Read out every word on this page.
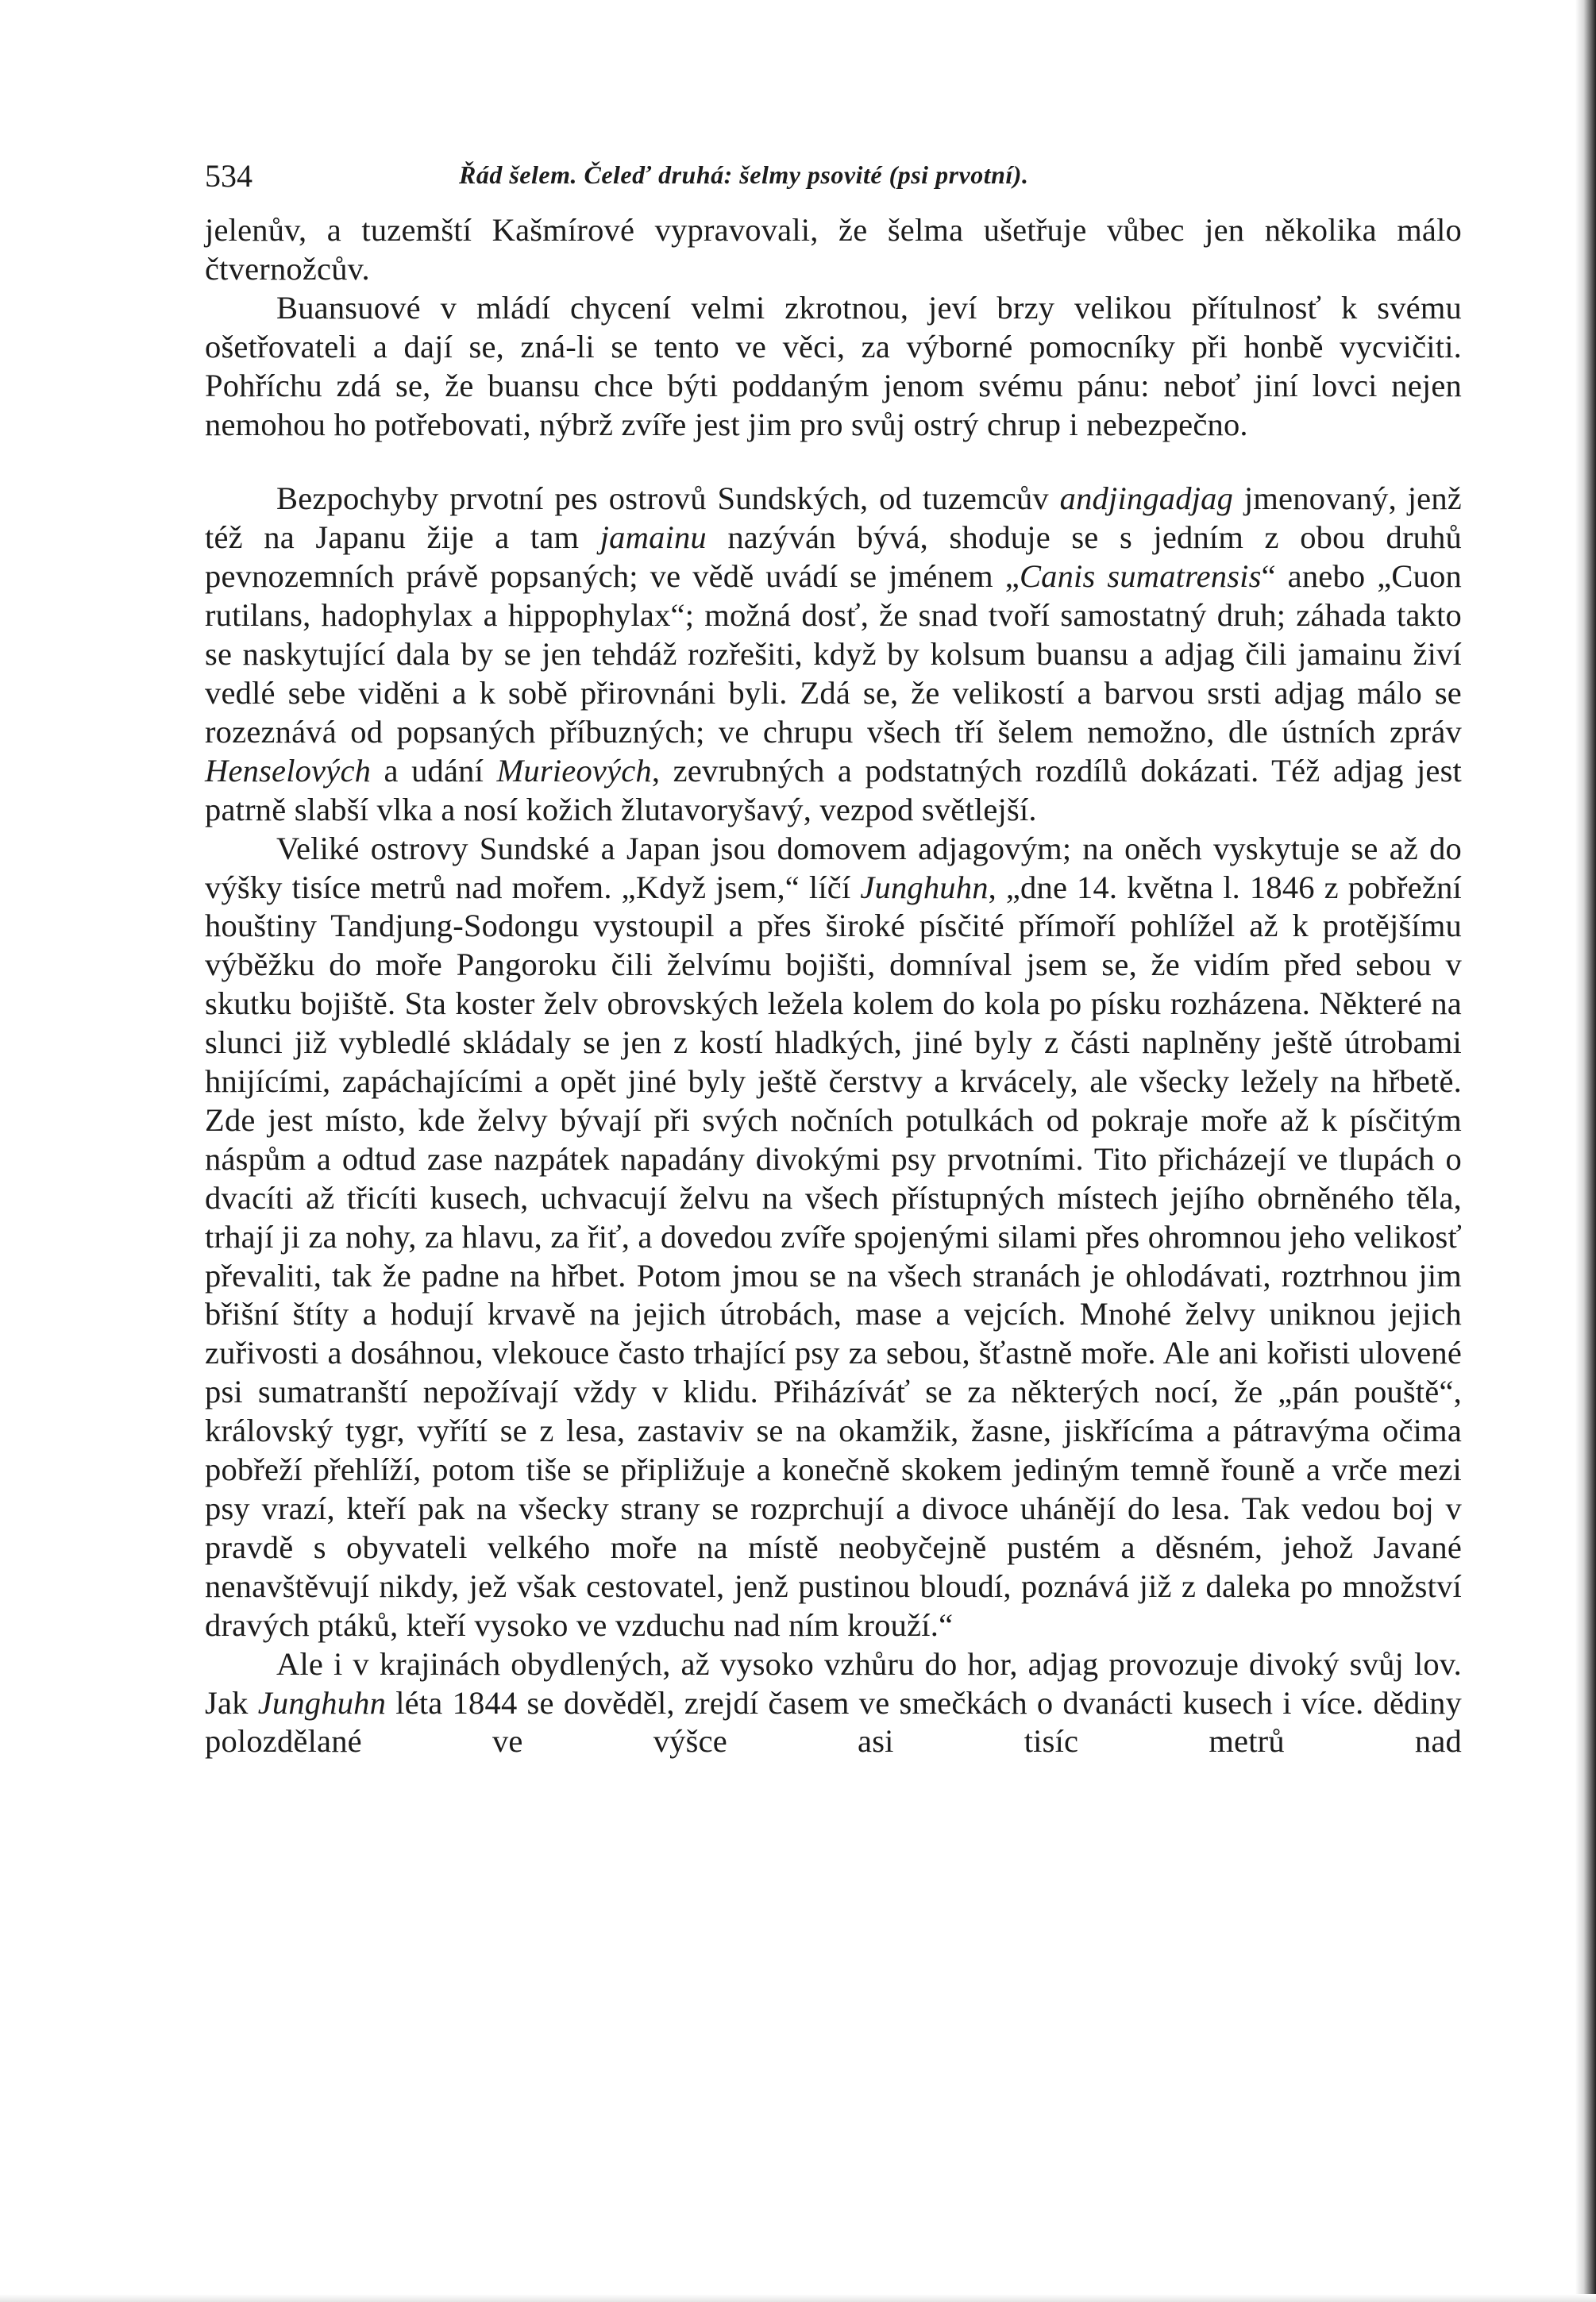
534	Řád šelem. Čeleď druhá: šelmy psovité (psi prvotní).

jelenův, a tuzemští Kašmírové vypravovali, že šelma ušetřuje vůbec jen několika málo čtvernožcův.

Buansuové v mládí chycení velmi zkrotnou, jeví brzy velikou přítulnosť k svému ošetřovateli a dají se, zná-li se tento ve věci, za výborné pomocníky při honbě vycvičiti. Pohříchu zdá se, že buansu chce býti poddaným jenom svému pánu: neboť jiní lovci nejen nemohou ho potřebovati, nýbrž zvíře jest jim pro svůj ostrý chrup i nebezpečno.

Bezpochyby prvotní pes ostrovů Sundských, od tuzemcův andjingadjag jmenovaný, jenž též na Japanu žije a tam jamainu nazýván bývá, shoduje se s jedním z obou druhů pevnozemních právě popsaných; ve vědě uvádí se jménem „Canis sumatrensis“ anebo „Cuon rutilans, hadophylax a hippophylax“; možná dosť, že snad tvoří samostatný druh; záhada takto se naskytující dala by se jen tehdáž rozřešiti, když by kolsum buansu a adjag čili jamainu živí vedlé sebe viděni a k sobě přirovnáni byli. Zdá se, že velikostí a barvou srsti adjag málo se rozeznává od popsaných příbuzných; ve chrupu všech tří šelem nemožno, dle ústních zpráv Henselových a udání Murieových, zevrubných a podstatných rozdílů dokázati. Též adjag jest patrně slabší vlka a nosí kožich žlutavoryšavý, vezpod světlejší.

Veliké ostrovy Sundské a Japan jsou domovem adjagovým; na oněch vyskytuje se až do výšky tisíce metrů nad mořem. „Když jsem,“ líčí Junghuhn, „dne 14. května l. 1846 z pobřežní houštiny Tandjung-Sodongu vystoupil a přes široké písčité přímoří pohlížel až k protějšímu výběžku do moře Pangoroku čili želvímu bojišti, domníval jsem se, že vidím před sebou v skutku bojiště. Sta koster želv obrovských ležela kolem do kola po písku rozházena. Některé na slunci již vybledlé skládaly se jen z kostí hladkých, jiné byly z části naplněny ještě útrobami hnijícími, zapáchajícími a opět jiné byly ještě čerstvy a krvácely, ale všecky ležely na hřbetě. Zde jest místo, kde želvy bývají při svých nočních potulkách od pokraje moře až k písčitým náspům a odtud zase nazpátek napadány divokými psy prvotními. Tito přicházejí ve tlupách o dvacíti až třicíti kusech, uchvacují želvu na všech přístupných místech jejího obrněného těla, trhají ji za nohy, za hlavu, za řiť, a dovedou zvíře spojenými silami přes ohromnou jeho velikosť převaliti, tak že padne na hřbet. Potom jmou se na všech stranách je ohlodávati, roztrhnou jim břišní štíty a hodují krvavě na jejich útrobách, mase a vejcích. Mnohé želvy uniknou jejich zuřivosti a dosáhnou, vlekouce často trhající psy za sebou, šťastně moře. Ale ani kořisti ulovené psi sumatranští nepožívají vždy v klidu. Přiházíváť se za některých nocí, že „pán pouště“, královský tygr, vyřítí se z lesa, zastaviv se na okamžik, žasne, jiskřícíma a pátravýma očima pobřeží přehlíží, potom tiše se připližuje a konečně skokem jediným temně řouně a vrče mezi psy vrazí, kteří pak na všecky strany se rozprchují a divoce uhánějí do lesa. Tak vedou boj v pravdě s obyvateli velkého moře na místě neobyčejně pustém a děsném, jehož Javané nenavštěvují nikdy, jež však cestovatel, jenž pustinou bloudí, poznává již z daleka po množství dravých ptáků, kteří vysoko ve vzduchu nad ním krouží.“

Ale i v krajinách obydlených, až vysoko vzhůru do hor, adjag provozuje divoký svůj lov. Jak Junghuhn léta 1844 se dověděl, zrejdí časem ve smečkách o dvanácti kusech i více. dědiny polozdělané ve výšce asi tisíc metrů nad
